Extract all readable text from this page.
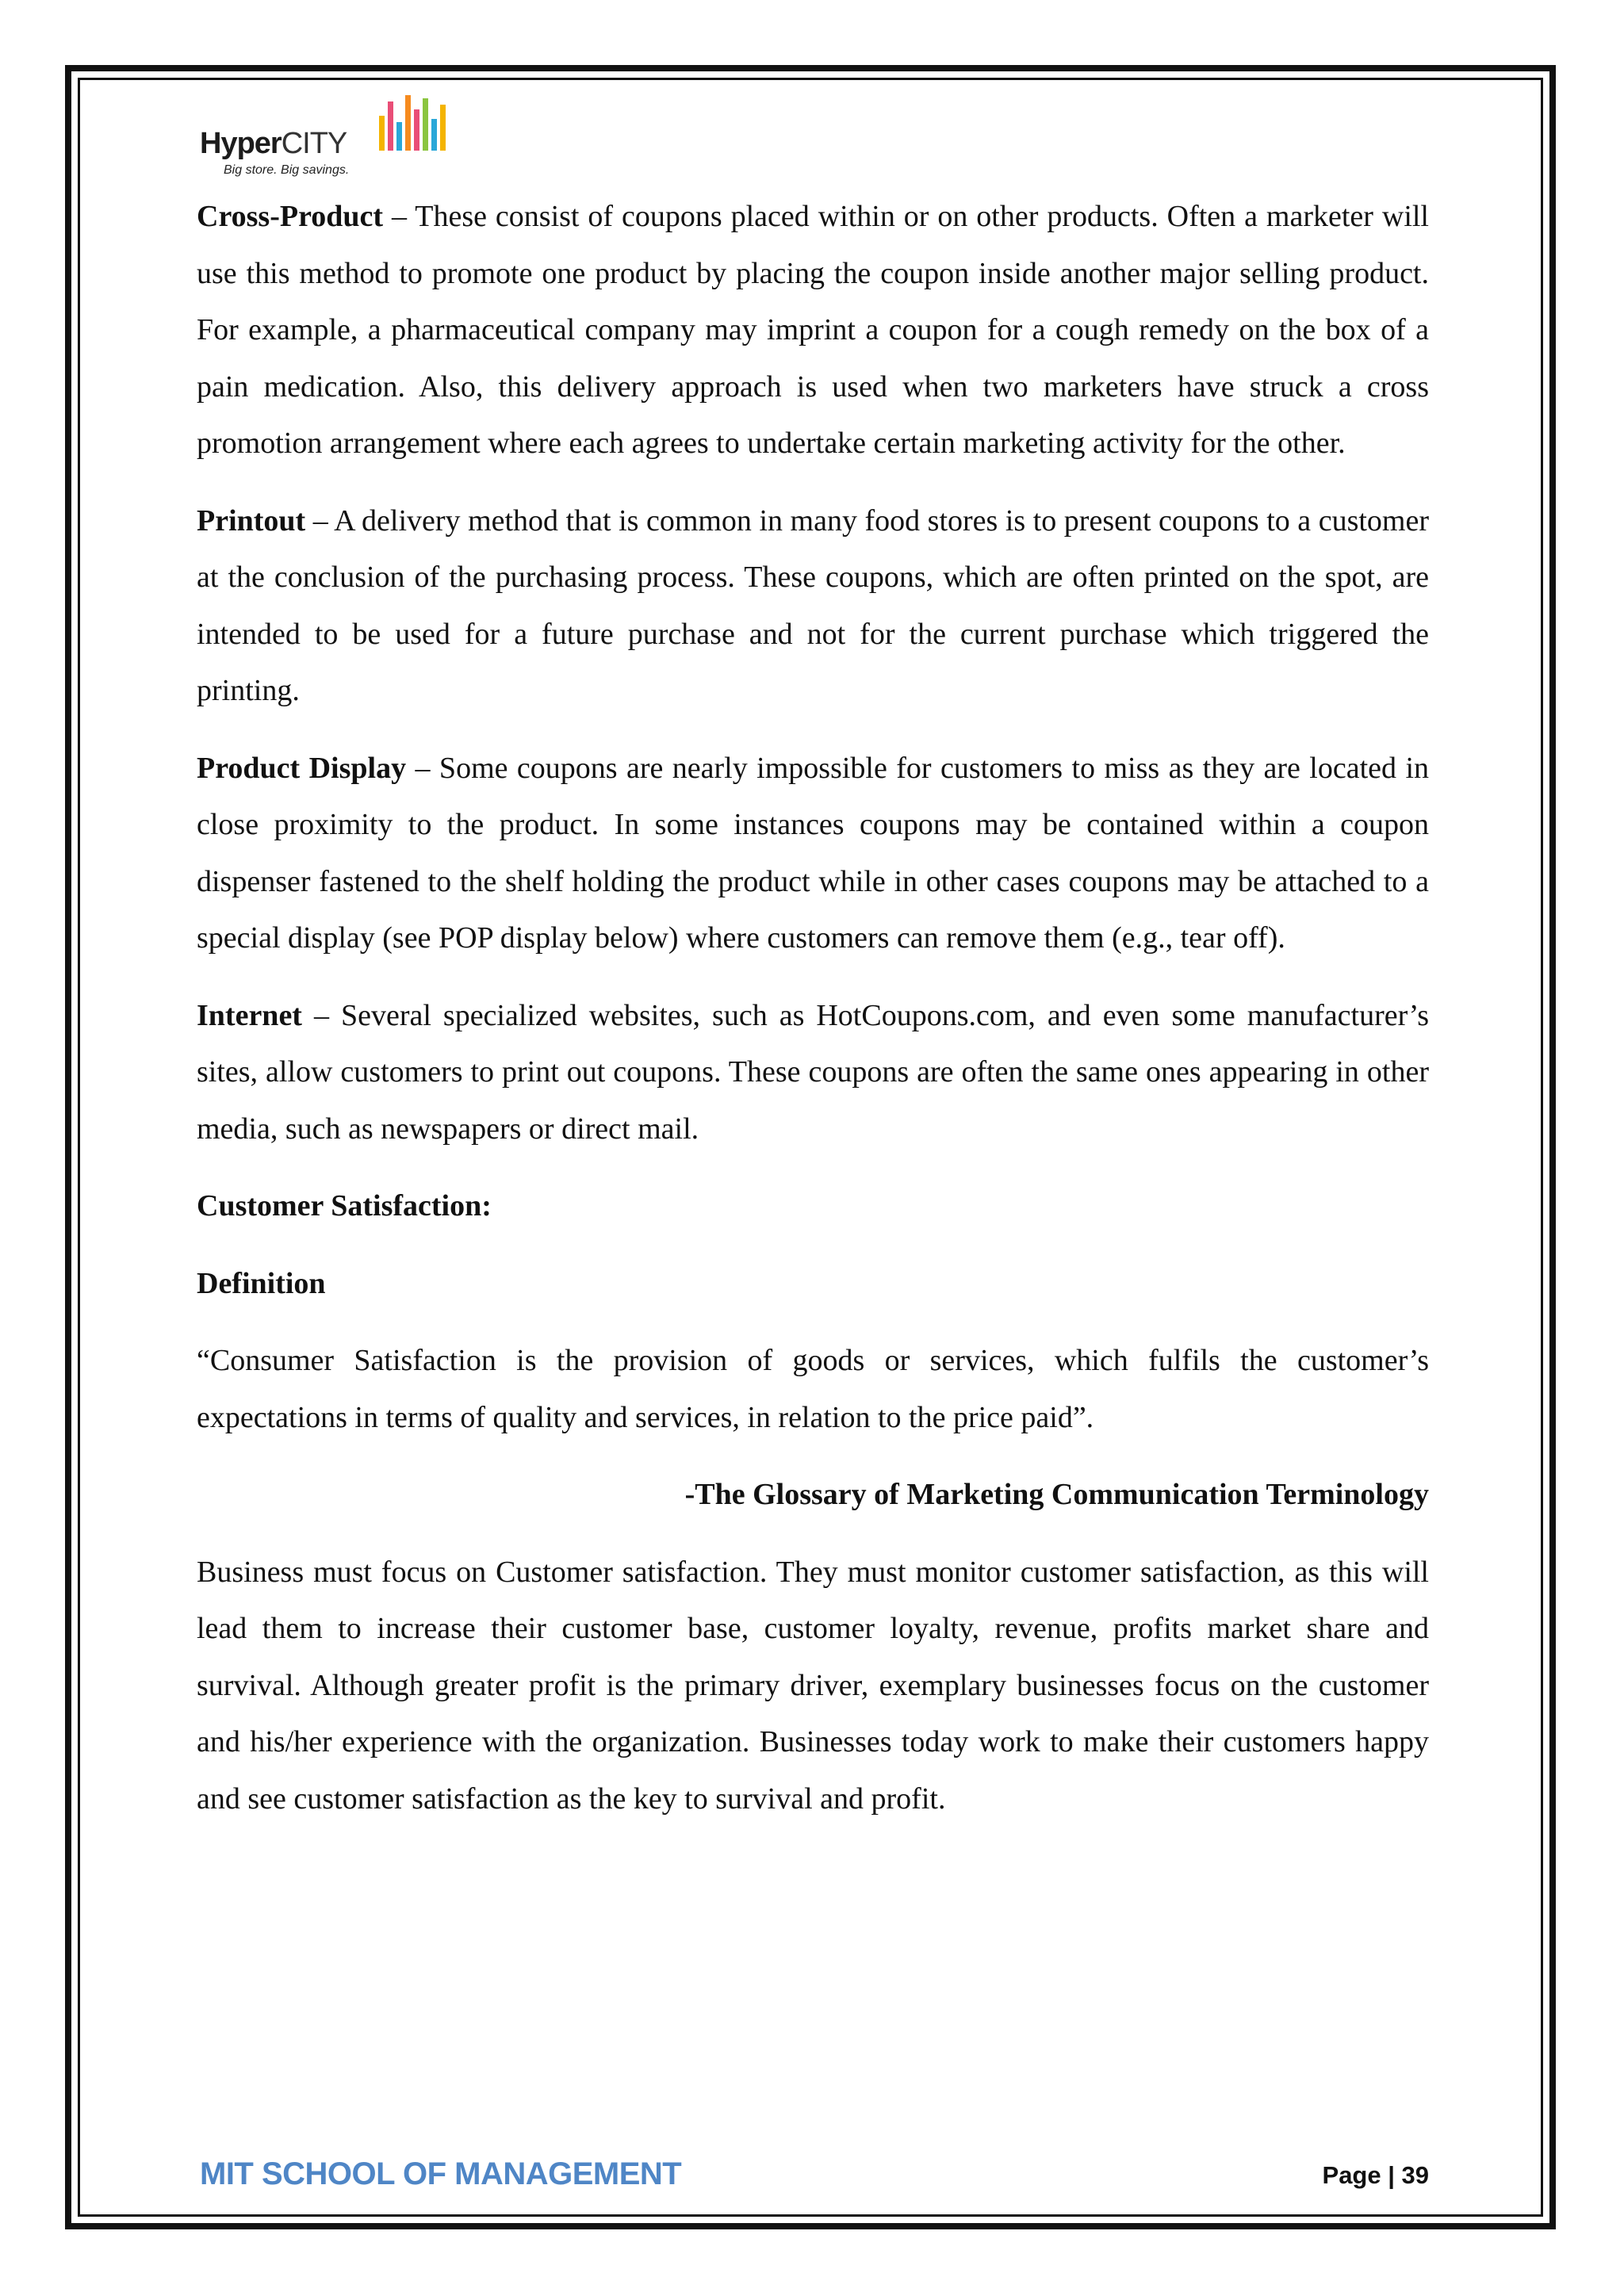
HyperCITY
Big store. Big savings.

Cross-Product – These consist of coupons placed within or on other products. Often a marketer will use this method to promote one product by placing the coupon inside another major selling product. For example, a pharmaceutical company may imprint a coupon for a cough remedy on the box of a pain medication. Also, this delivery approach is used when two marketers have struck a cross promotion arrangement where each agrees to undertake certain marketing activity for the other.

Printout – A delivery method that is common in many food stores is to present coupons to a customer at the conclusion of the purchasing process. These coupons, which are often printed on the spot, are intended to be used for a future purchase and not for the current purchase which triggered the printing.

Product Display – Some coupons are nearly impossible for customers to miss as they are located in close proximity to the product. In some instances coupons may be contained within a coupon dispenser fastened to the shelf holding the product while in other cases coupons may be attached to a special display (see POP display below) where customers can remove them (e.g., tear off).

Internet – Several specialized websites, such as HotCoupons.com, and even some manufacturer’s sites, allow customers to print out coupons. These coupons are often the same ones appearing in other media, such as newspapers or direct mail.

Customer Satisfaction:

Definition

“Consumer Satisfaction is the provision of goods or services, which fulfils the customer’s expectations in terms of quality and services, in relation to the price paid”.

-The Glossary of Marketing Communication Terminology

Business must focus on Customer satisfaction. They must monitor customer satisfaction, as this will lead them to increase their customer base, customer loyalty, revenue, profits market share and survival. Although greater profit is the primary driver, exemplary businesses focus on the customer and his/her experience with the organization. Businesses today work to make their customers happy and see customer satisfaction as the key to survival and profit.

MIT SCHOOL OF MANAGEMENT	Page | 39
